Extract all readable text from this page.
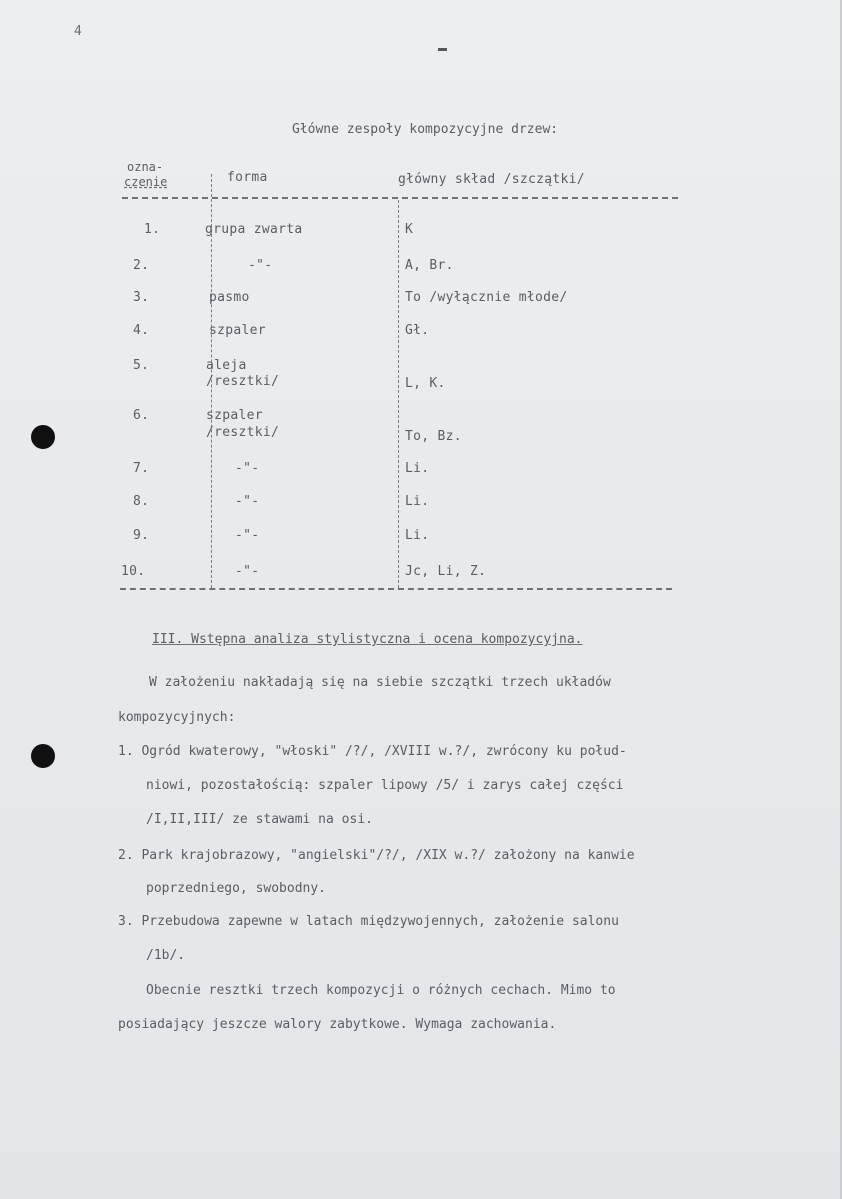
4
Główne zespoły kompozycyjne drzew:
ozna-
czenie	forma	główny skład /szczątki/
1.	grupa zwarta	K
2.	-"-	A, Br.
3.	pasmo	To /wyłącznie młode/
4.	szpaler	Gł.
5.	aleja
/resztki/	L, K.
6.	szpaler
/resztki/	To, Bz.
7.	-"-	Li.
8.	-"-	Li.
9.	-"-	Li.
10.	-"-	Jc, Li, Z.
III. Wstępna analiza stylistyczna i ocena kompozycyjna.
W założeniu nakładają się na siebie szczątki trzech układów
kompozycyjnych:
1. Ogród kwaterowy, "włoski" /?/, /XVIII w.?/, zwrócony ku połud-
niowi, pozostałością: szpaler lipowy /5/ i zarys całej części
/I,II,III/ ze stawami na osi.
2. Park krajobrazowy, "angielski"/?/, /XIX w.?/ założony na kanwie
poprzedniego, swobodny.
3. Przebudowa zapewne w latach międzywojennych, założenie salonu
/1b/.
Obecnie resztki trzech kompozycji o różnych cechach. Mimo to
posiadający jeszcze walory zabytkowe. Wymaga zachowania.
